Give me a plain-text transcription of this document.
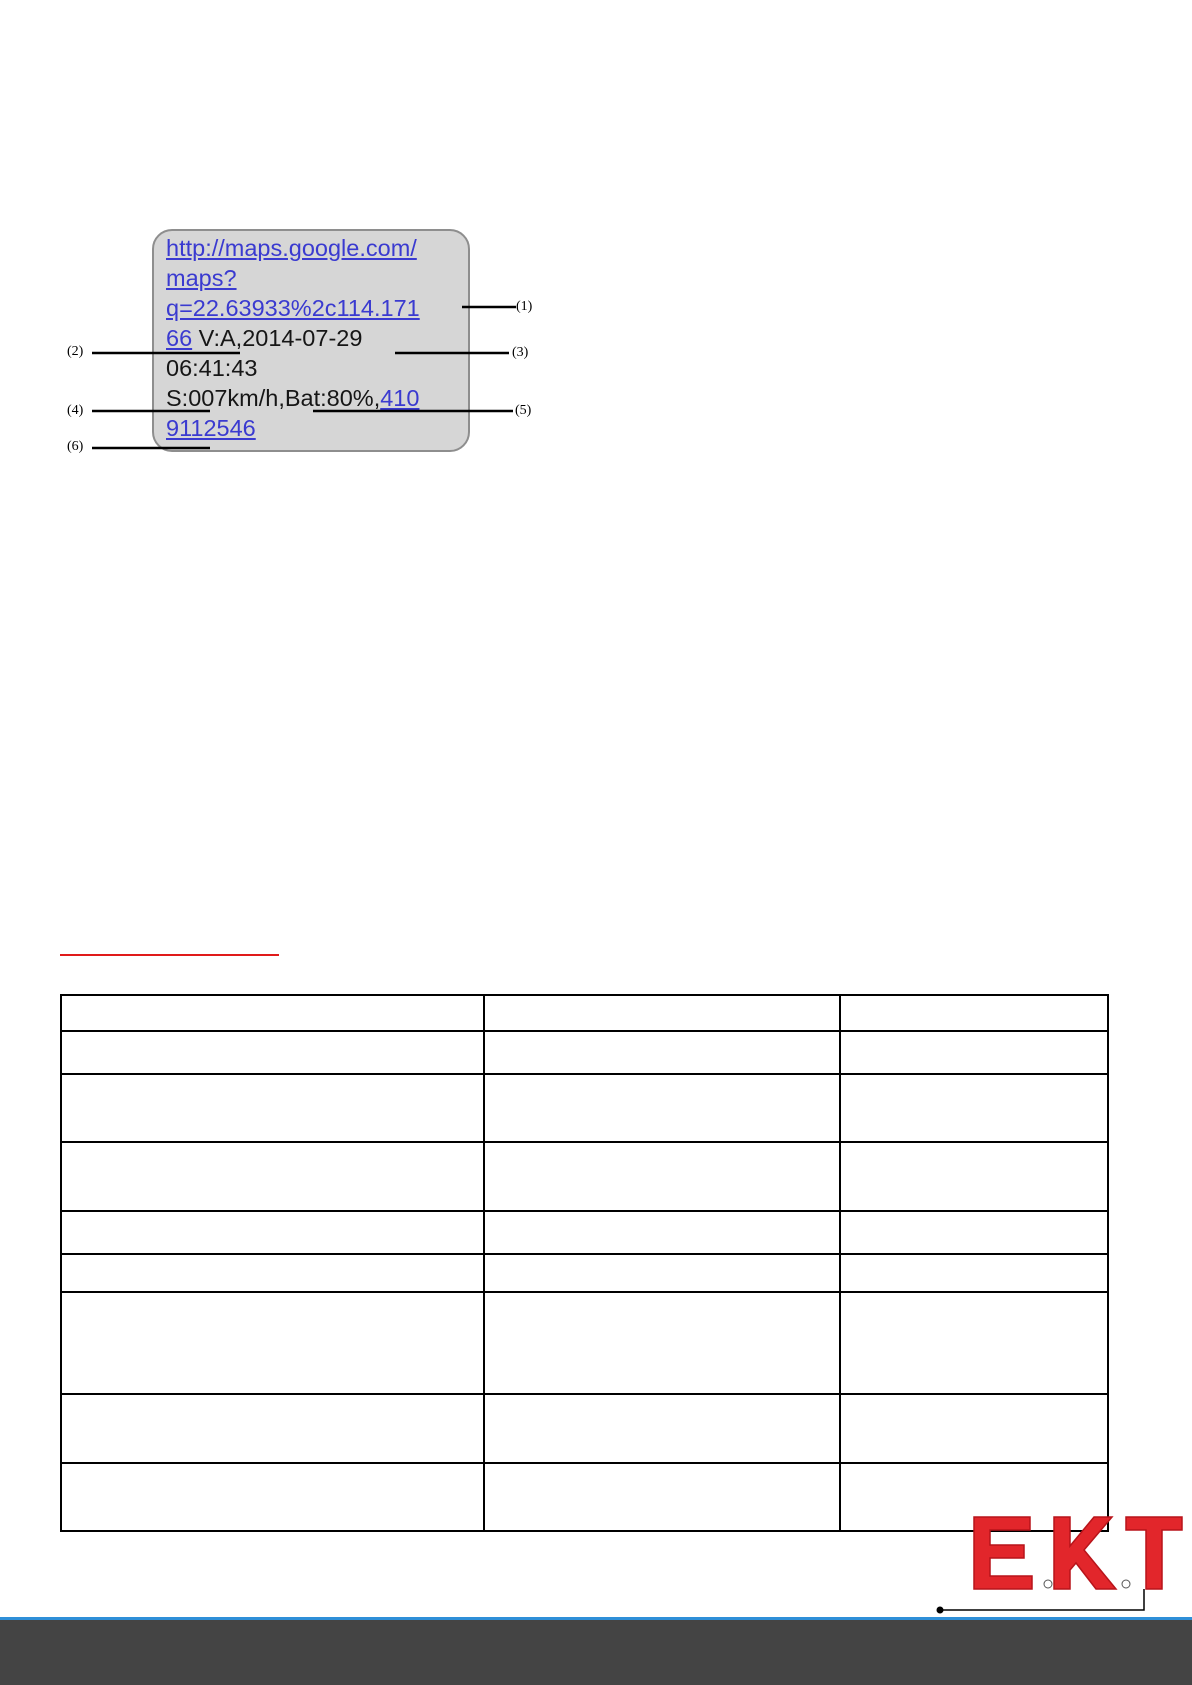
http://maps.google.com/
maps?
q=22.63933%2c114.171
66 V:A,2014-07-29
06:41:43
S:007km/h,Bat:80%,410
9112546
(1)
(2)	(3)
(4)	(5)
(6)
